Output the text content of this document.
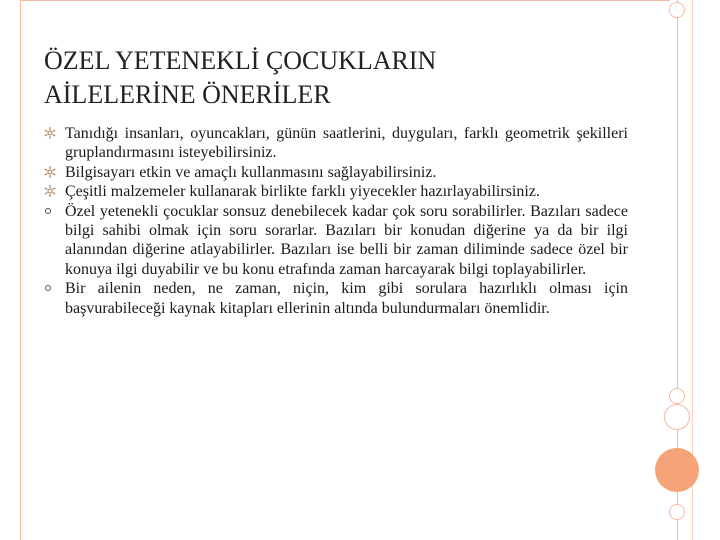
ÖZEL YETENEKLİ ÇOCUKLARIN
AİLELERİNE ÖNERİLER
Tanıdığı insanları, oyuncakları, günün saatlerini, duyguları, farklı geometrik şekilleri gruplandırmasını isteyebilirsiniz.
Bilgisayarı etkin ve amaçlı kullanmasını sağlayabilirsiniz.
Çeşitli malzemeler kullanarak birlikte farklı yiyecekler hazırlayabilirsiniz.
Özel yetenekli çocuklar sonsuz denebilecek kadar çok soru sorabilirler. Bazıları sadece bilgi sahibi olmak için soru sorarlar. Bazıları bir konudan diğerine ya da bir ilgi alanından diğerine atlayabilirler. Bazıları ise belli bir zaman diliminde sadece özel bir konuya ilgi duyabilir ve bu konu etrafında zaman harcayarak bilgi toplayabilirler.
Bir ailenin neden, ne zaman, niçin, kim gibi sorulara hazırlıklı olması için başvurabileceği kaynak kitapları ellerinin altında bulundurmaları önemlidir.
